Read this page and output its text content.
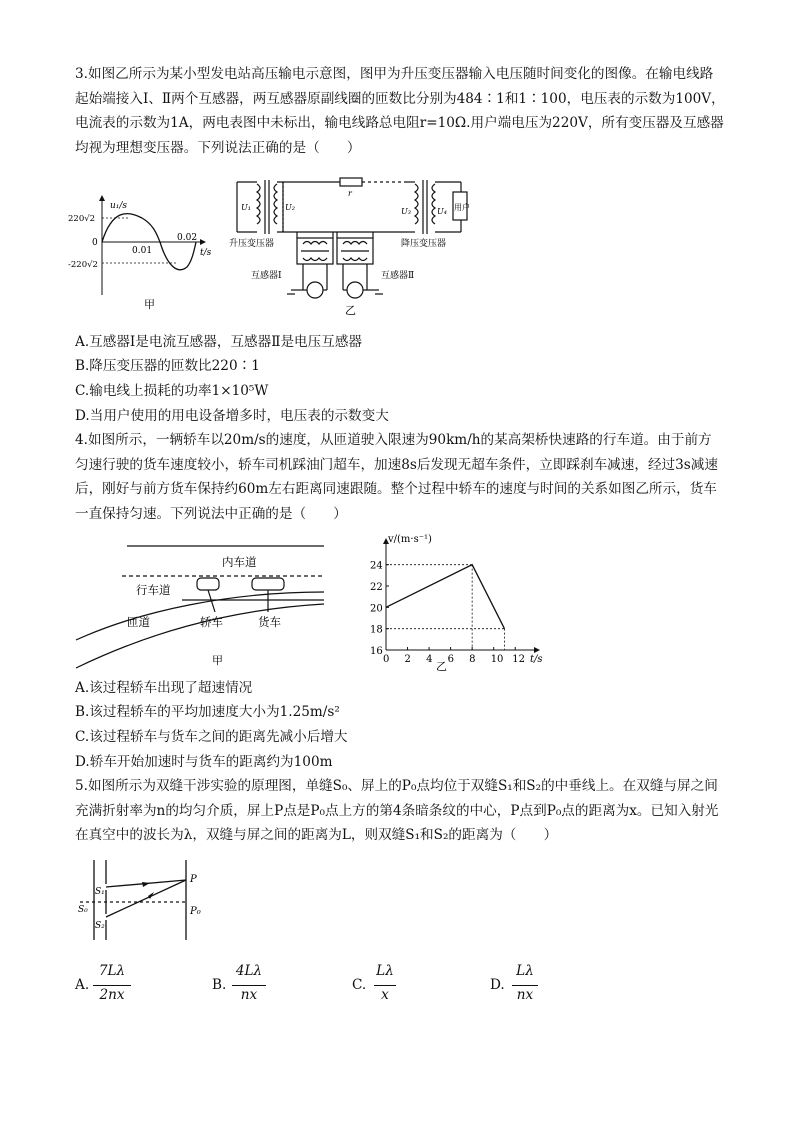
3.如图乙所示为某小型发电站高压输电示意图，图甲为升压变压器输入电压随时间变化的图像。在输电线路起始端接入Ⅰ、Ⅱ两个互感器，两互感器原副线圈的匝数比分别为484∶1和1∶100，电压表的示数为100V，电流表的示数为1A，两电表图中未标出，输电线路总电阻r=10Ω.用户端电压为220V，所有变压器及互感器均视为理想变压器。下列说法正确的是（　　）
u₁/s
220√2
0
-220√2
0.01
0.02
t/s
甲
U₁	U₂	U₃	U₄
r
用户
升压变压器	降压变压器
互感器Ⅰ	互感器Ⅱ
乙
A.互感器Ⅰ是电流互感器，互感器Ⅱ是电压互感器
B.降压变压器的匝数比220∶1
C.输电线上损耗的功率1×10⁵W
D.当用户使用的用电设备增多时，电压表的示数变大
4.如图所示，一辆轿车以20m/s的速度，从匝道驶入限速为90km/h的某高架桥快速路的行车道。由于前方匀速行驶的货车速度较小，轿车司机踩油门超车，加速8s后发现无超车条件，立即踩刹车减速，经过3s减速后，刚好与前方货车保持约60m左右距离同速跟随。整个过程中轿车的速度与时间的关系如图乙所示，货车一直保持匀速。下列说法中正确的是（　　）
内车道
行车道
匝道	轿车	货车
甲	0 2 4 6 8 10 12
16
18
20
22
24
v/(m·s⁻¹)
t/s
乙
A.该过程轿车出现了超速情况
B.该过程轿车的平均加速度大小为1.25m/s²
C.该过程轿车与货车之间的距离先减小后增大
D.轿车开始加速时与货车的距离约为100m
5.如图所示为双缝干涉实验的原理图，单缝S₀、屏上的P₀点均位于双缝S₁和S₂的中垂线上。在双缝与屏之间充满折射率为n的均匀介质，屏上P点是P₀点上方的第4条暗条纹的中心，P点到P₀点的距离为x。已知入射光在真空中的波长为λ，双缝与屏之间的距离为L，则双缝S₁和S₂的距离为（　　）
S₁
S₀
S₂
P
P₀
A.
7Lλ
2nx
B.
4Lλ
nx
C.
Lλ
x
D.
Lλ
nx
